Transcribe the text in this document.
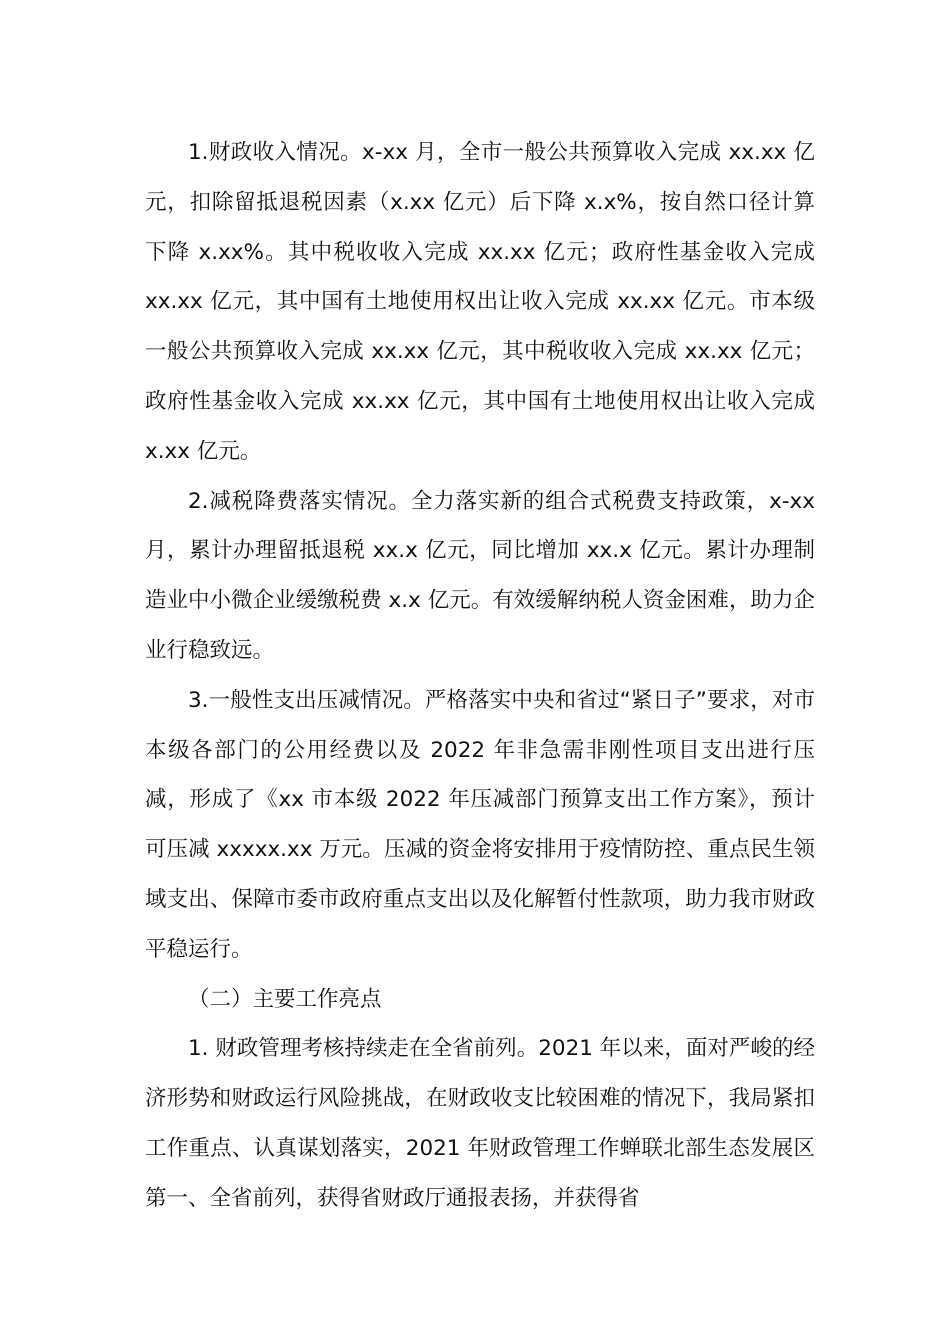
1.财政收入情况。x-xx 月，全市一般公共预算收入完成 xx.xx 亿元，扣除留抵退税因素（x.xx 亿元）后下降 x.x%，按自然口径计算下降 x.xx%。其中税收收入完成 xx.xx 亿元；政府性基金收入完成 xx.xx 亿元，其中国有土地使用权出让收入完成 xx.xx 亿元。市本级一般公共预算收入完成 xx.xx 亿元，其中税收收入完成 xx.xx 亿元；政府性基金收入完成 xx.xx 亿元，其中国有土地使用权出让收入完成 x.xx 亿元。

2.减税降费落实情况。全力落实新的组合式税费支持政策，x-xx 月，累计办理留抵退税 xx.x 亿元，同比增加 xx.x 亿元。累计办理制造业中小微企业缓缴税费 x.x 亿元。有效缓解纳税人资金困难，助力企业行稳致远。

3.一般性支出压减情况。严格落实中央和省过“紧日子”要求，对市本级各部门的公用经费以及 2022 年非急需非刚性项目支出进行压减，形成了《xx 市本级 2022 年压减部门预算支出工作方案》，预计可压减 xxxxx.xx 万元。压减的资金将安排用于疫情防控、重点民生领域支出、保障市委市政府重点支出以及化解暂付性款项，助力我市财政平稳运行。

（二）主要工作亮点

1. 财政管理考核持续走在全省前列。2021 年以来，面对严峻的经济形势和财政运行风险挑战，在财政收支比较困难的情况下，我局紧扣工作重点、认真谋划落实，2021 年财政管理工作蝉联北部生态发展区第一、全省前列，获得省财政厅通报表扬，并获得省
